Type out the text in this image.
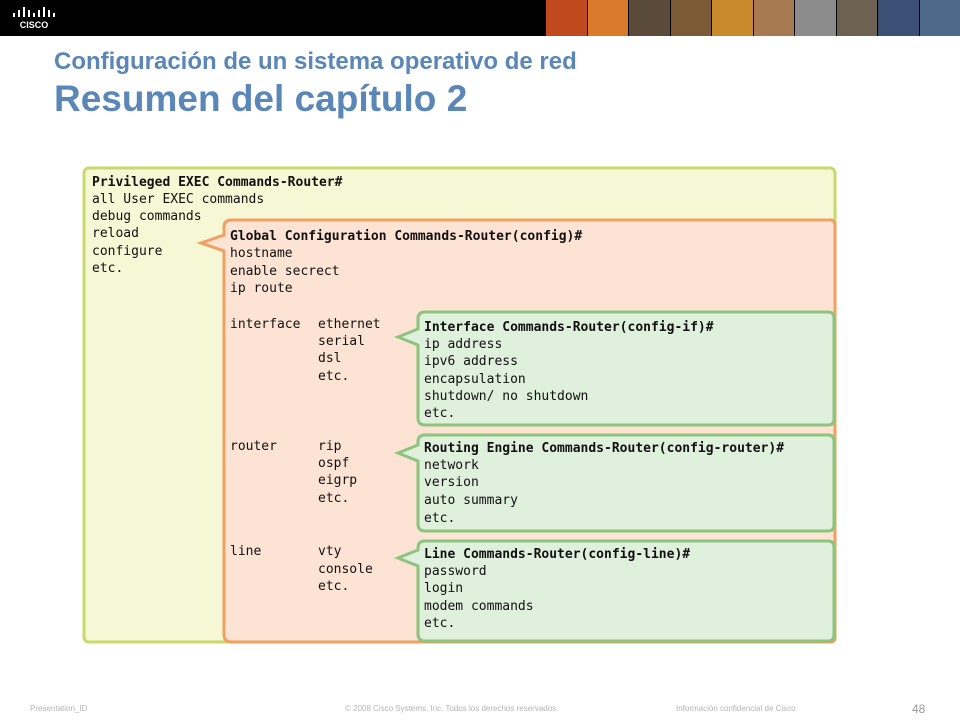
CISCO
Configuración de un sistema operativo de red
Resumen del capítulo 2
Privileged EXEC Commands-Router#
all User EXEC commands
debug commands
reload
configure
etc.
Global Configuration Commands-Router(config)#
hostname
enable secrect
ip route
interface ethernet
serial
dsl
etc.
router	rip
ospf
eigrp
etc.
line	vty
console
etc.
Interface Commands-Router(config-if)#
ip address
ipv6 address
encapsulation
shutdown/ no shutdown
etc.
Routing Engine Commands-Router(config-router)#
network
version
auto summary
etc.
Line Commands-Router(config-line)#
password
login
modem commands
etc.
Presentation_ID	© 2008 Cisco Systems, Inc. Todos los derechos reservados.	Información confidencial de Cisco	48
